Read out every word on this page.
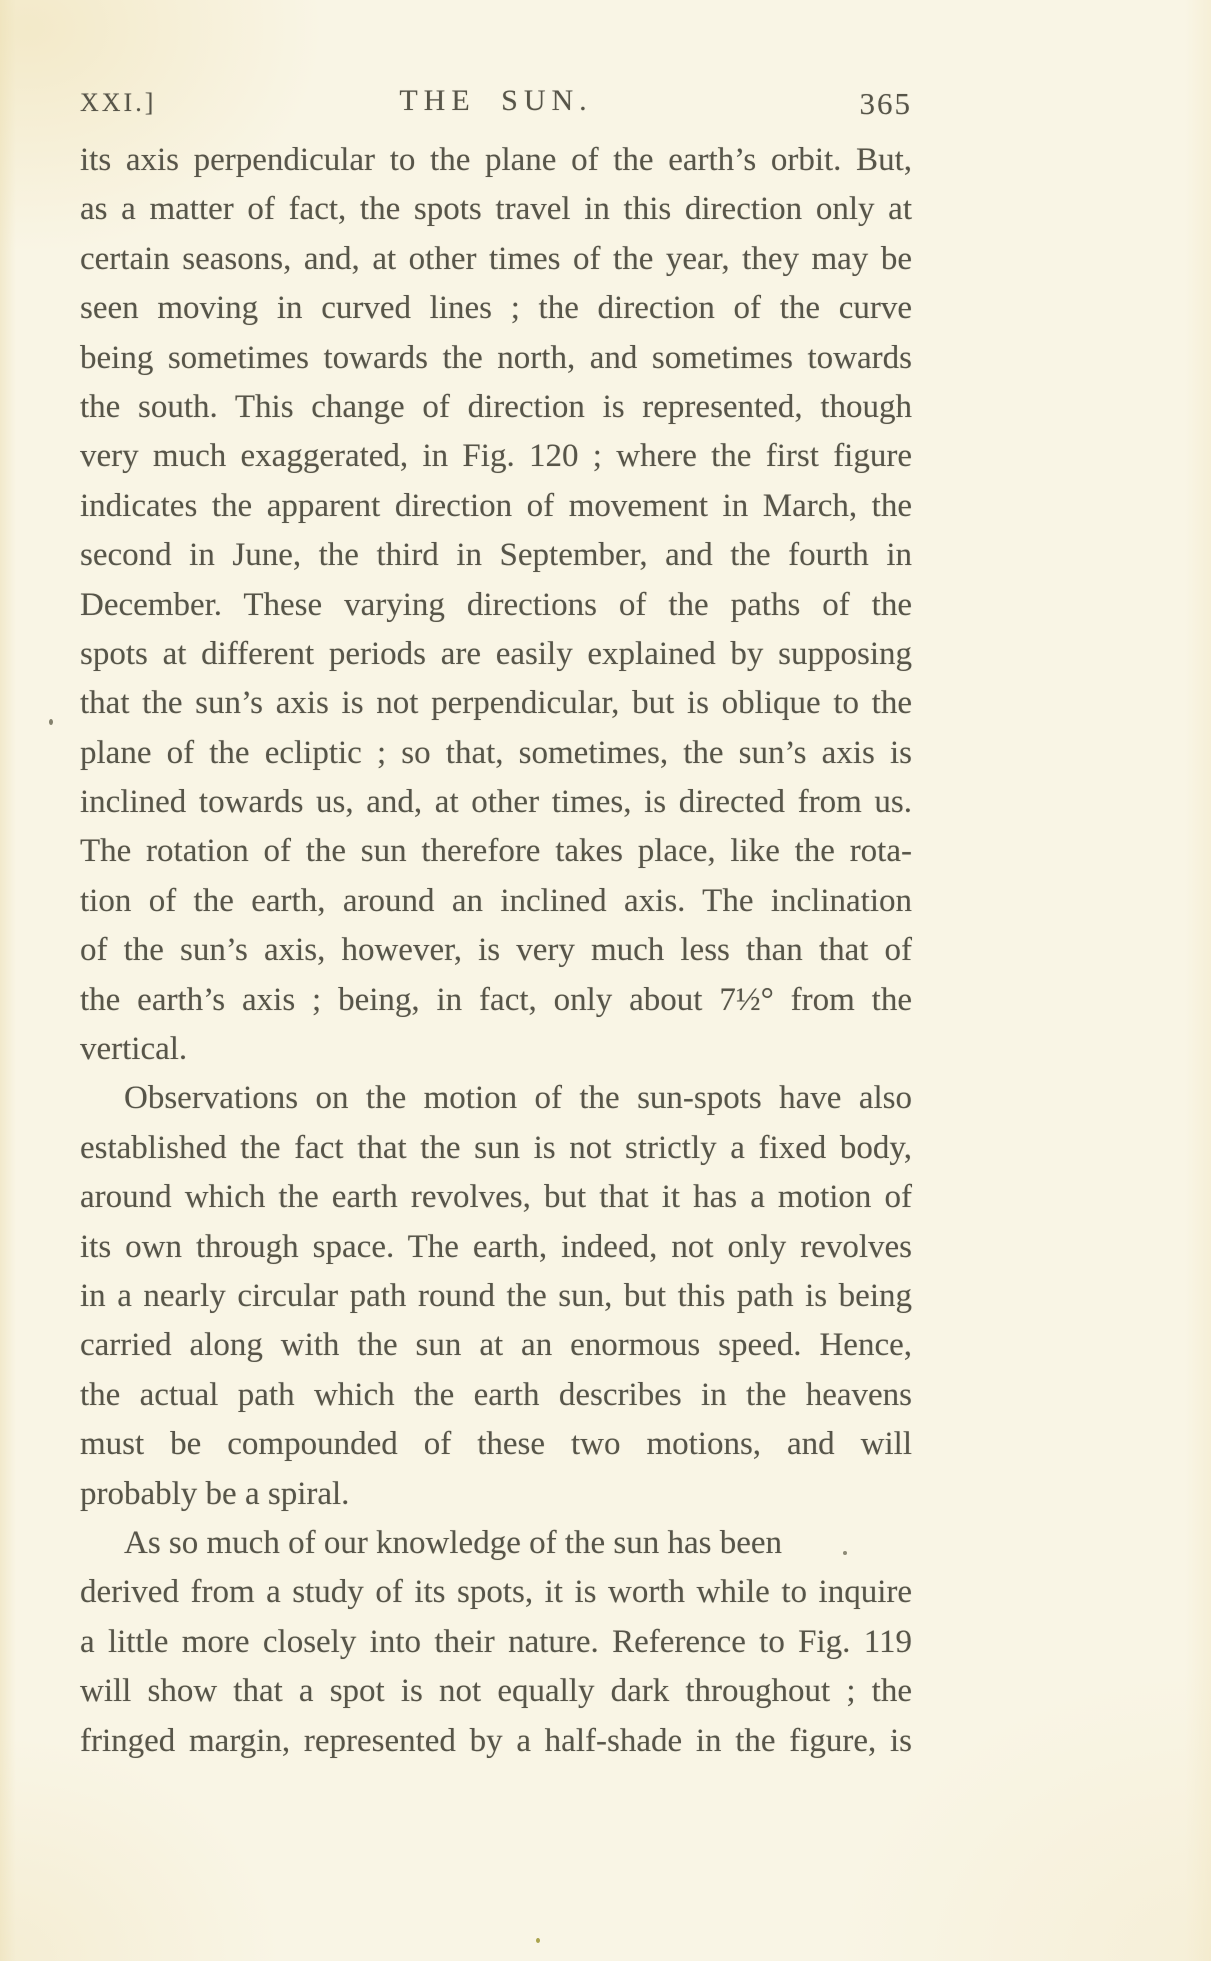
XXI.]	THE SUN.	365
its axis perpendicular to the plane of the earth’s orbit. But,
as a matter of fact, the spots travel in this direction only at
certain seasons, and, at other times of the year, they may be
seen moving in curved lines ; the direction of the curve
being sometimes towards the north, and sometimes towards
the south. This change of direction is represented, though
very much exaggerated, in Fig. 120 ; where the first figure
indicates the apparent direction of movement in March, the
second in June, the third in September, and the fourth in
December. These varying directions of the paths of the
spots at different periods are easily explained by supposing
that the sun’s axis is not perpendicular, but is oblique to the
plane of the ecliptic ; so that, sometimes, the sun’s axis is
inclined towards us, and, at other times, is directed from us.
The rotation of the sun therefore takes place, like the rota-
tion of the earth, around an inclined axis. The inclination
of the sun’s axis, however, is very much less than that of
the earth’s axis ; being, in fact, only about 7½° from the
vertical.
Observations on the motion of the sun-spots have also
established the fact that the sun is not strictly a fixed body,
around which the earth revolves, but that it has a motion of
its own through space. The earth, indeed, not only revolves
in a nearly circular path round the sun, but this path is being
carried along with the sun at an enormous speed. Hence,
the actual path which the earth describes in the heavens
must be compounded of these two motions, and will
probably be a spiral.
As so much of our knowledge of the sun has been
derived from a study of its spots, it is worth while to inquire
a little more closely into their nature. Reference to Fig. 119
will show that a spot is not equally dark throughout ; the
fringed margin, represented by a half-shade in the figure, is
